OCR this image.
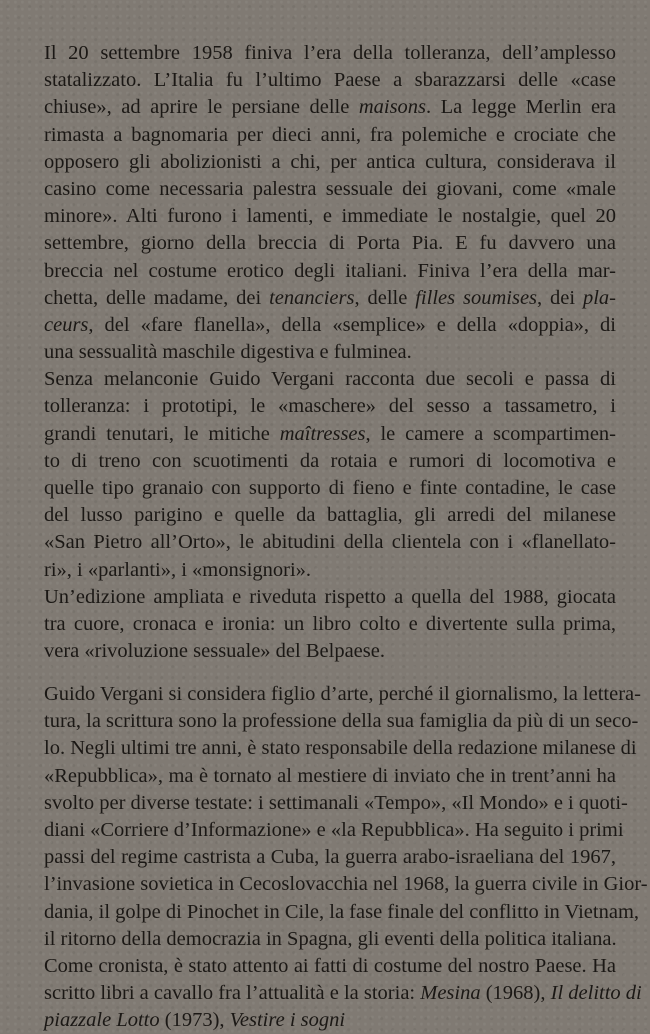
Il 20 settembre 1958 finiva l’era della tolleranza, dell’amplesso
statalizzato. L’Italia fu l’ultimo Paese a sbarazzarsi delle «case
chiuse», ad aprire le persiane delle maisons. La legge Merlin era
rimasta a bagnomaria per dieci anni, fra polemiche e crociate che
opposero gli abolizionisti a chi, per antica cultura, considerava il
casino come necessaria palestra sessuale dei giovani, come «male
minore». Alti furono i lamenti, e immediate le nostalgie, quel 20
settembre, giorno della breccia di Porta Pia. E fu davvero una
breccia nel costume erotico degli italiani. Finiva l’era della mar-
chetta, delle madame, dei tenanciers, delle filles soumises, dei pla-
ceurs, del «fare flanella», della «semplice» e della «doppia», di
una sessualità maschile digestiva e fulminea.
Senza melanconie Guido Vergani racconta due secoli e passa di
tolleranza: i prototipi, le «maschere» del sesso a tassametro, i
grandi tenutari, le mitiche maîtresses, le camere a scompartimen-
to di treno con scuotimenti da rotaia e rumori di locomotiva e
quelle tipo granaio con supporto di fieno e finte contadine, le case
del lusso parigino e quelle da battaglia, gli arredi del milanese
«San Pietro all’Orto», le abitudini della clientela con i «flanellato-
ri», i «parlanti», i «monsignori».
Un’edizione ampliata e riveduta rispetto a quella del 1988, giocata
tra cuore, cronaca e ironia: un libro colto e divertente sulla prima,
vera «rivoluzione sessuale» del Belpaese.
Guido Vergani si considera figlio d’arte, perché il giornalismo, la lettera-
tura, la scrittura sono la professione della sua famiglia da più di un seco-
lo. Negli ultimi tre anni, è stato responsabile della redazione milanese di
«Repubblica», ma è tornato al mestiere di inviato che in trent’anni ha
svolto per diverse testate: i settimanali «Tempo», «Il Mondo» e i quoti-
diani «Corriere d’Informazione» e «la Repubblica». Ha seguito i primi
passi del regime castrista a Cuba, la guerra arabo-israeliana del 1967,
l’invasione sovietica in Cecoslovacchia nel 1968, la guerra civile in Gior-
dania, il golpe di Pinochet in Cile, la fase finale del conflitto in Vietnam,
il ritorno della democrazia in Spagna, gli eventi della politica italiana.
Come cronista, è stato attento ai fatti di costume del nostro Paese. Ha
scritto libri a cavallo fra l’attualità e la storia: Mesina (1968), Il delitto di
piazzale Lotto (1973), Vestire i sogni
